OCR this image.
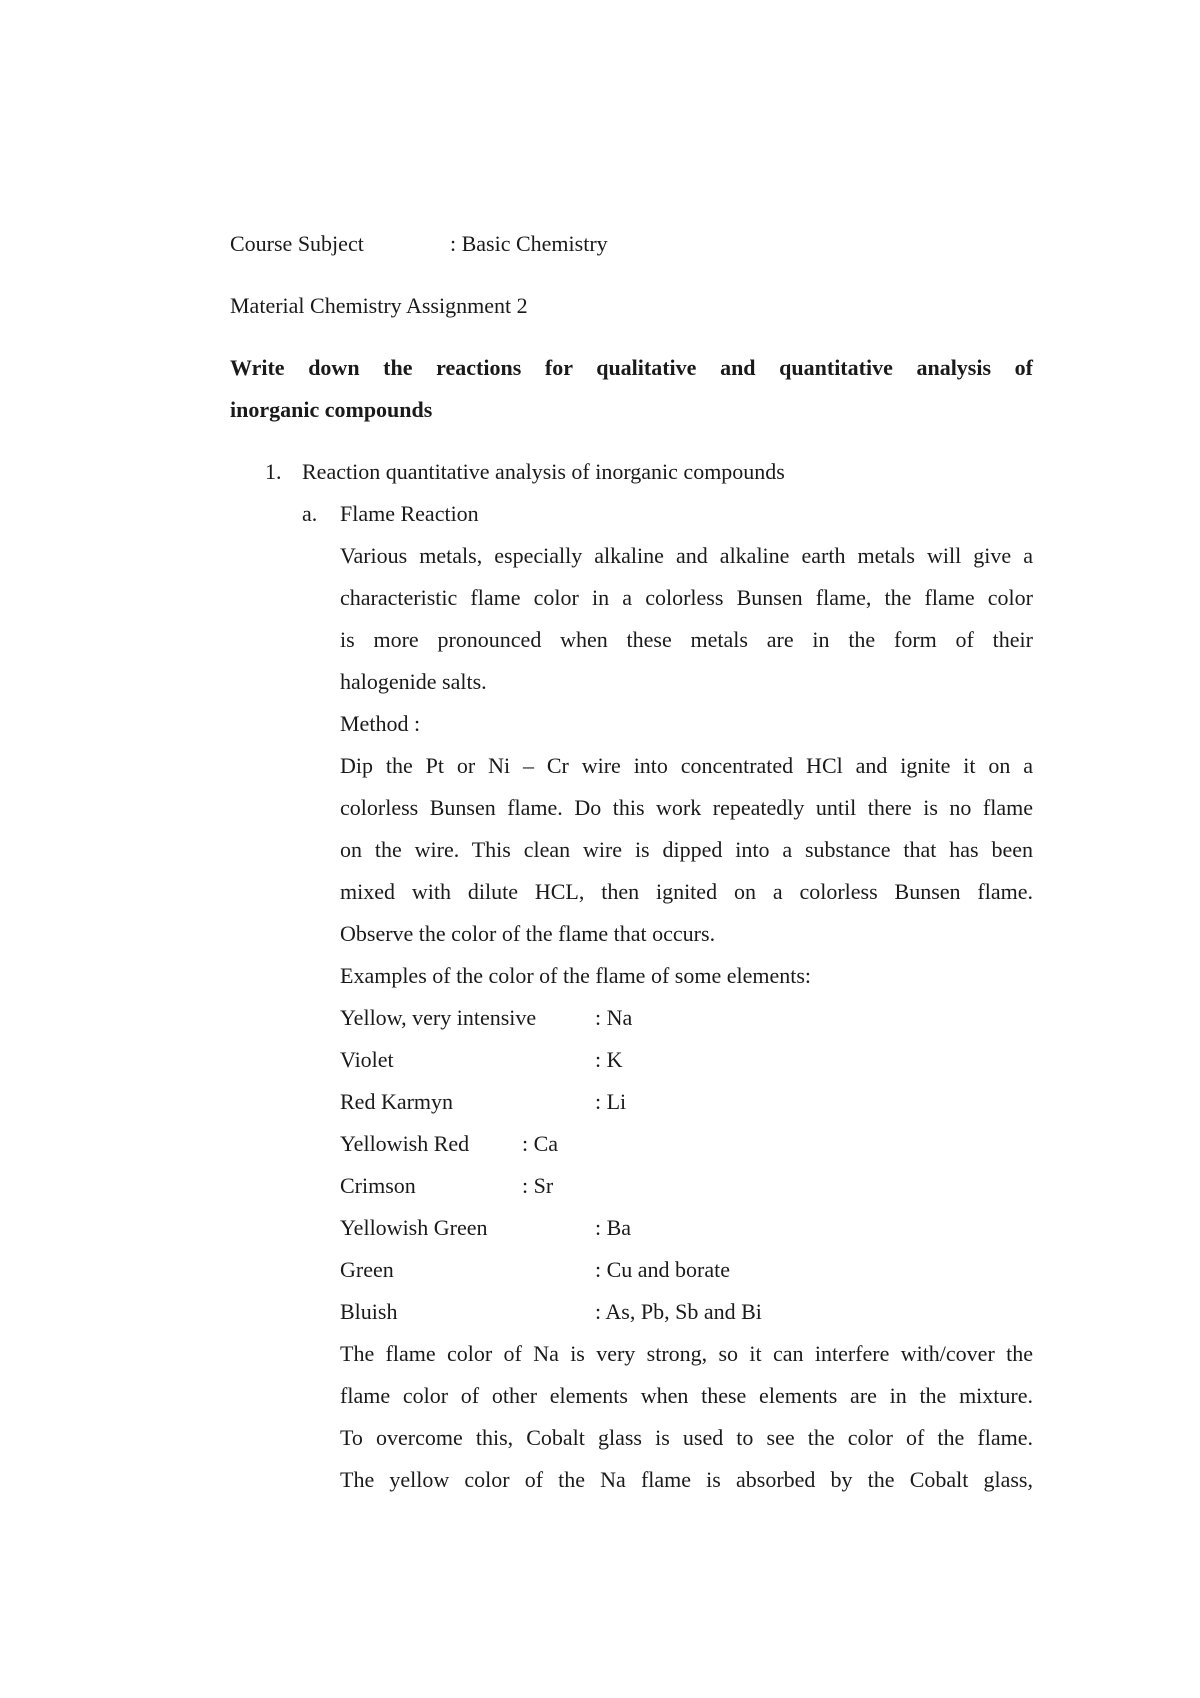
Course Subject	: Basic Chemistry
Material Chemistry Assignment 2
Write down the reactions for qualitative and quantitative analysis of
inorganic compounds
1. Reaction quantitative analysis of inorganic compounds
a. Flame Reaction
Various metals, especially alkaline and alkaline earth metals will give a
characteristic flame color in a colorless Bunsen flame, the flame color
is more pronounced when these metals are in the form of their
halogenide salts.
Method :
Dip the Pt or Ni – Cr wire into concentrated HCl and ignite it on a
colorless Bunsen flame. Do this work repeatedly until there is no flame
on the wire. This clean wire is dipped into a substance that has been
mixed with dilute HCL, then ignited on a colorless Bunsen flame.
Observe the color of the flame that occurs.
Examples of the color of the flame of some elements:
Yellow, very intensive	: Na
Violet	: K
Red Karmyn	: Li
Yellowish Red : Ca
Crimson	: Sr
Yellowish Green	: Ba
Green	: Cu and borate
Bluish	: As, Pb, Sb and Bi
The flame color of Na is very strong, so it can interfere with/cover the
flame color of other elements when these elements are in the mixture.
To overcome this, Cobalt glass is used to see the color of the flame.
The yellow color of the Na flame is absorbed by the Cobalt glass,
